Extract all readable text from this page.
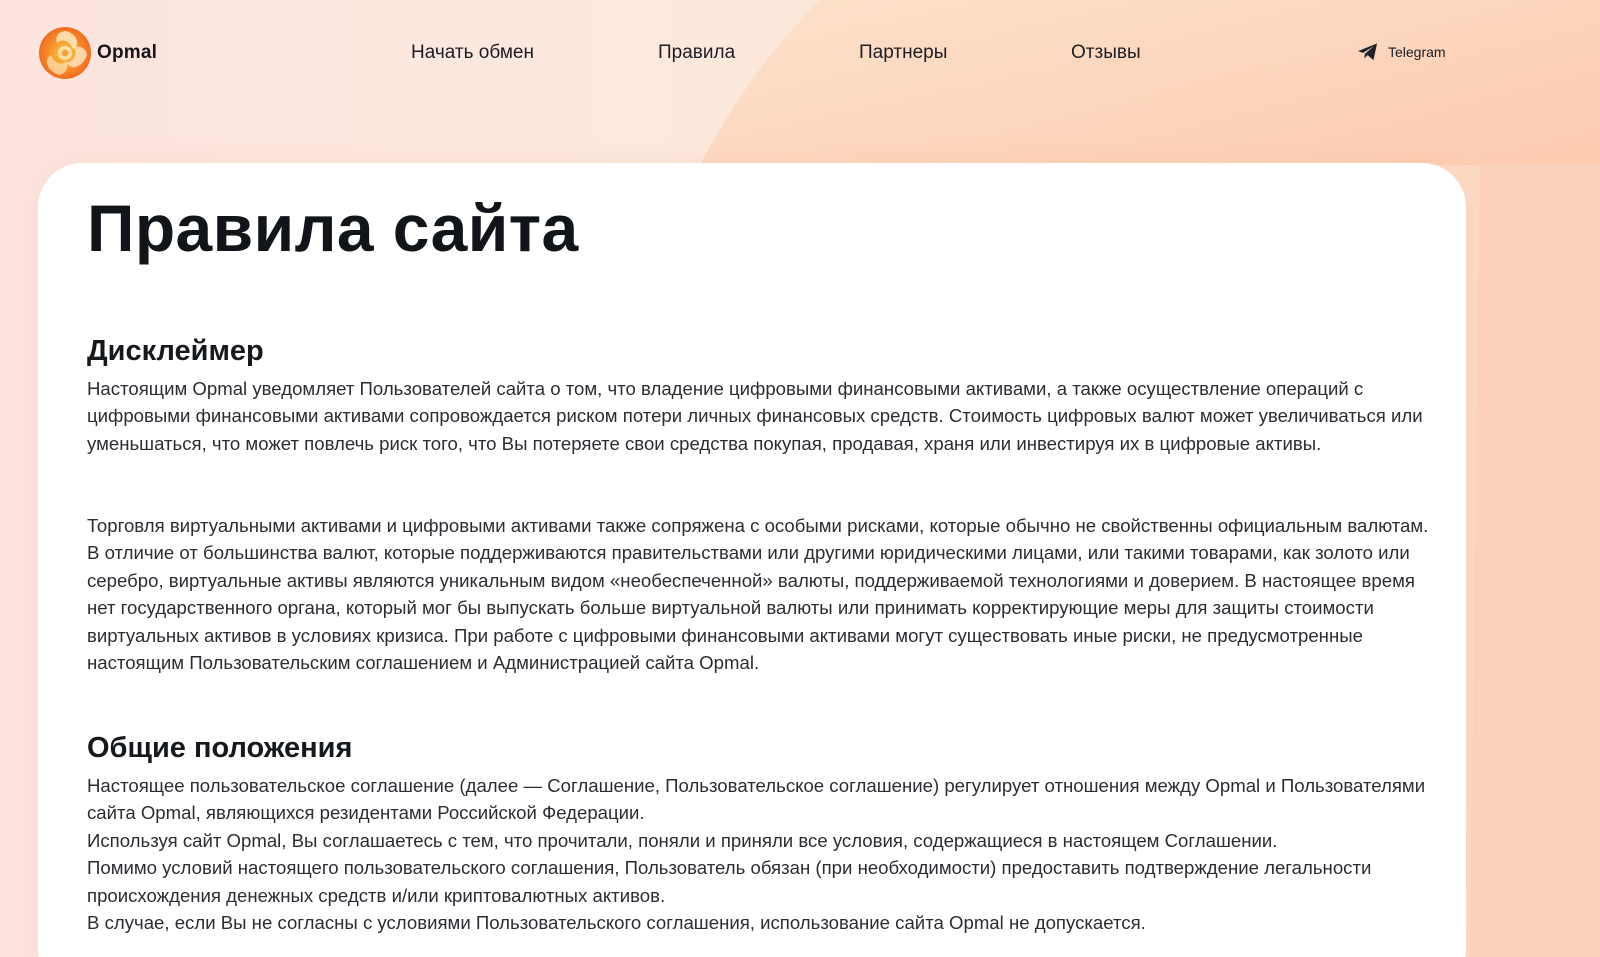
Opmal	Начать обмен	Правила	Партнеры	Отзывы	Telegram
Правила сайта
Дисклеймер

Настоящим Opmal уведомляет Пользователей сайта о том, что владение цифровыми финансовыми активами, а также осуществление операций с цифровыми финансовыми активами сопровождается риском потери личных финансовых средств. Стоимость цифровых валют может увеличиваться или уменьшаться, что может повлечь риск того, что Вы потеряете свои средства покупая, продавая, храня или инвестируя их в цифровые активы.

Торговля виртуальными активами и цифровыми активами также сопряжена с особыми рисками, которые обычно не свойственны официальным валютам. В отличие от большинства валют, которые поддерживаются правительствами или другими юридическими лицами, или такими товарами, как золото или серебро, виртуальные активы являются уникальным видом «необеспеченной» валюты, поддерживаемой технологиями и доверием. В настоящее время нет государственного органа, который мог бы выпускать больше виртуальной валюты или принимать корректирующие меры для защиты стоимости виртуальных активов в условиях кризиса. При работе с цифровыми финансовыми активами могут существовать иные риски, не предусмотренные настоящим Пользовательским соглашением и Администрацией сайта Opmal.

Общие положения
Настоящее пользовательское соглашение (далее — Соглашение, Пользовательское соглашение) регулирует отношения между Opmal и Пользователями сайта Opmal, являющихся резидентами Российской Федерации.
Используя сайт Opmal, Вы соглашаетесь с тем, что прочитали, поняли и приняли все условия, содержащиеся в настоящем Соглашении.
Помимо условий настоящего пользовательского соглашения, Пользователь обязан (при необходимости) предоставить подтверждение легальности происхождения денежных средств и/или криптовалютных активов.
В случае, если Вы не согласны с условиями Пользовательского соглашения, использование сайта Opmal не допускается.
